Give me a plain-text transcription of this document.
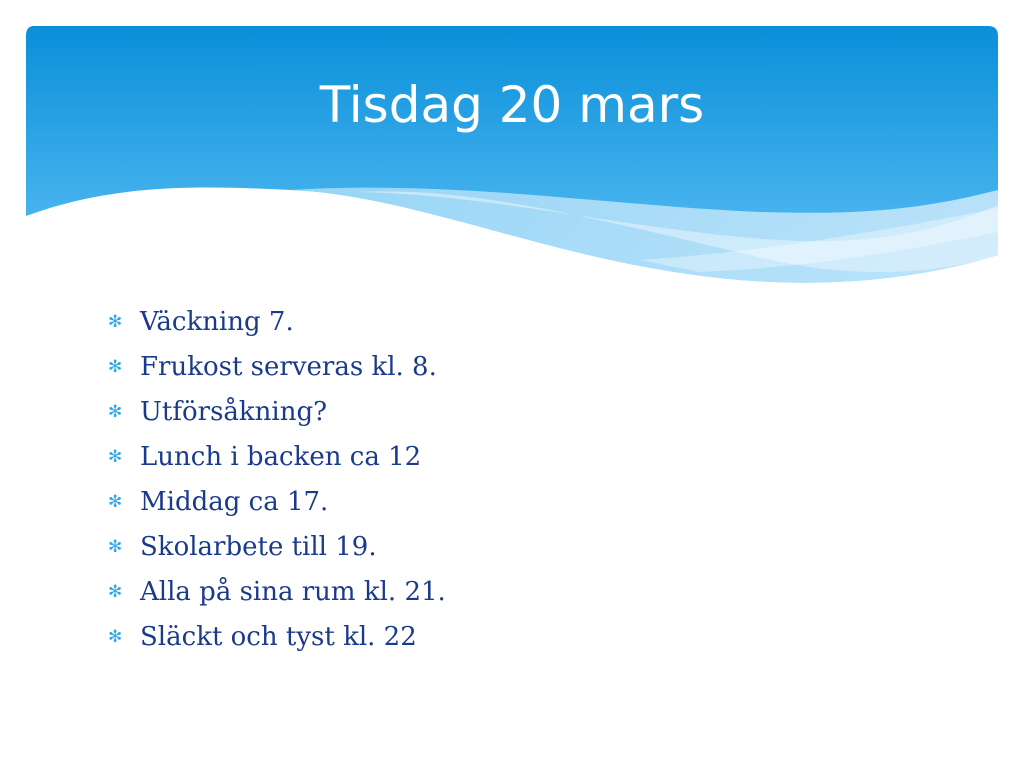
Tisdag 20 mars
✻ Väckning 7.
✻ Frukost serveras kl. 8.
✻ Utförsåkning?
✻ Lunch i backen ca 12
✻ Middag ca 17.
✻ Skolarbete till 19.
✻ Alla på sina rum kl. 21.
✻ Släckt och tyst kl. 22
